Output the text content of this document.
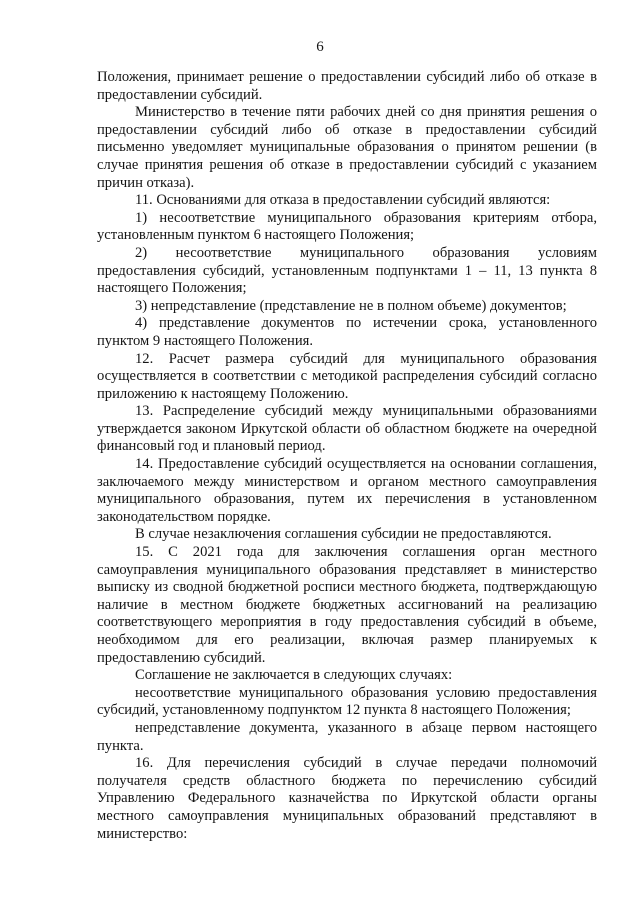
6

Положения, принимает решение о предоставлении субсидий либо об отказе в предоставлении субсидий.

Министерство в течение пяти рабочих дней со дня принятия решения о предоставлении субсидий либо об отказе в предоставлении субсидий письменно уведомляет муниципальные образования о принятом решении (в случае принятия решения об отказе в предоставлении субсидий с указанием причин отказа).

11. Основаниями для отказа в предоставлении субсидий являются:

1) несоответствие муниципального образования критериям отбора, установленным пунктом 6 настоящего Положения;

2) несоответствие муниципального образования условиям предоставления субсидий, установленным подпунктами 1 – 11, 13 пункта 8 настоящего Положения;

3) непредставление (представление не в полном объеме) документов;

4) представление документов по истечении срока, установленного пунктом 9 настоящего Положения.

12. Расчет размера субсидий для муниципального образования осуществляется в соответствии с методикой распределения субсидий согласно приложению к настоящему Положению.

13. Распределение субсидий между муниципальными образованиями утверждается законом Иркутской области об областном бюджете на очередной финансовый год и плановый период.

14. Предоставление субсидий осуществляется на основании соглашения, заключаемого между министерством и органом местного самоуправления муниципального образования, путем их перечисления в установленном законодательством порядке.

В случае незаключения соглашения субсидии не предоставляются.

15. С 2021 года для заключения соглашения орган местного самоуправления муниципального образования представляет в министерство выписку из сводной бюджетной росписи местного бюджета, подтверждающую наличие в местном бюджете бюджетных ассигнований на реализацию соответствующего мероприятия в году предоставления субсидий в объеме, необходимом для его реализации, включая размер планируемых к предоставлению субсидий.

Соглашение не заключается в следующих случаях:

несоответствие муниципального образования условию предоставления субсидий, установленному подпунктом 12 пункта 8 настоящего Положения;

непредставление документа, указанного в абзаце первом настоящего пункта.

16. Для перечисления субсидий в случае передачи полномочий получателя средств областного бюджета по перечислению субсидий Управлению Федерального казначейства по Иркутской области органы местного самоуправления муниципальных образований представляют в министерство:
